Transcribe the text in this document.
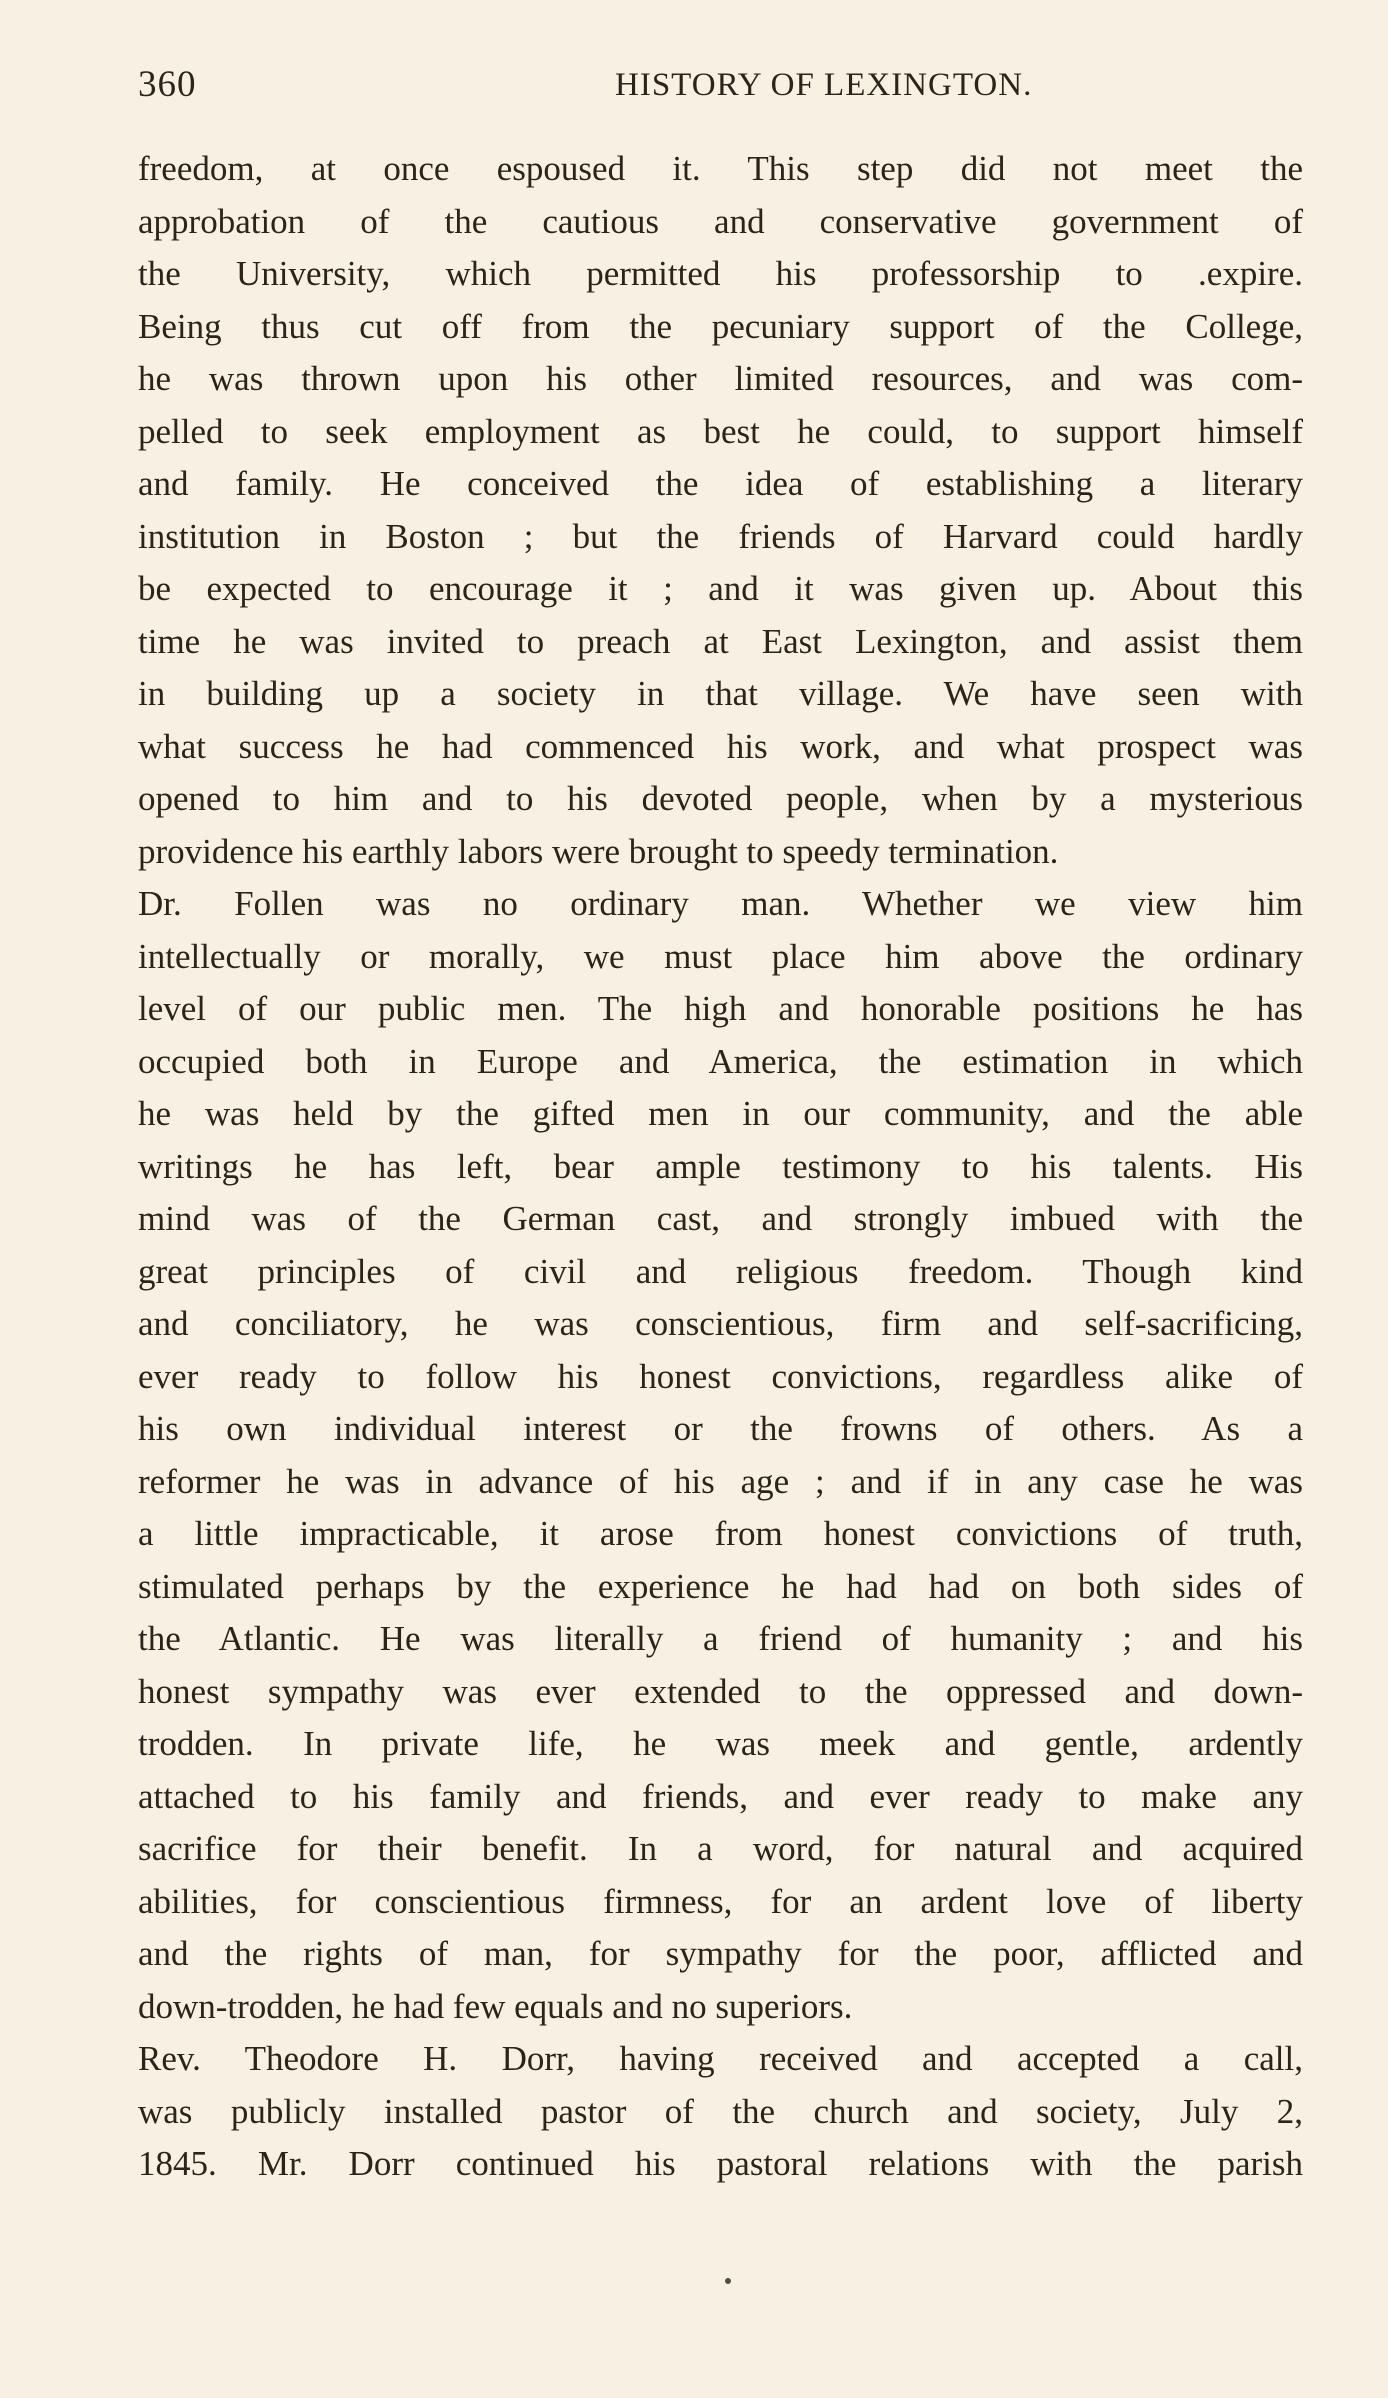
360	HISTORY OF LEXINGTON.
freedom, at once espoused it. This step did not meet the
approbation of the cautious and conservative government of
the University, which permitted his professorship to .expire.
Being thus cut off from the pecuniary support of the College,
he was thrown upon his other limited resources, and was com-
pelled to seek employment as best he could, to support himself
and family. He conceived the idea of establishing a literary
institution in Boston ; but the friends of Harvard could hardly
be expected to encourage it ; and it was given up. About this
time he was invited to preach at East Lexington, and assist them
in building up a society in that village. We have seen with
what success he had commenced his work, and what prospect was
opened to him and to his devoted people, when by a mysterious
providence his earthly labors were brought to speedy termination.
Dr. Follen was no ordinary man. Whether we view him
intellectually or morally, we must place him above the ordinary
level of our public men. The high and honorable positions he has
occupied both in Europe and America, the estimation in which
he was held by the gifted men in our community, and the able
writings he has left, bear ample testimony to his talents. His
mind was of the German cast, and strongly imbued with the
great principles of civil and religious freedom. Though kind
and conciliatory, he was conscientious, firm and self-sacrificing,
ever ready to follow his honest convictions, regardless alike of
his own individual interest or the frowns of others. As a
reformer he was in advance of his age ; and if in any case he was
a little impracticable, it arose from honest convictions of truth,
stimulated perhaps by the experience he had had on both sides of
the Atlantic. He was literally a friend of humanity ; and his
honest sympathy was ever extended to the oppressed and down-
trodden. In private life, he was meek and gentle, ardently
attached to his family and friends, and ever ready to make any
sacrifice for their benefit. In a word, for natural and acquired
abilities, for conscientious firmness, for an ardent love of liberty
and the rights of man, for sympathy for the poor, afflicted and
down-trodden, he had few equals and no superiors.
Rev. Theodore H. Dorr, having received and accepted a call,
was publicly installed pastor of the church and society, July 2,
1845. Mr. Dorr continued his pastoral relations with the parish
